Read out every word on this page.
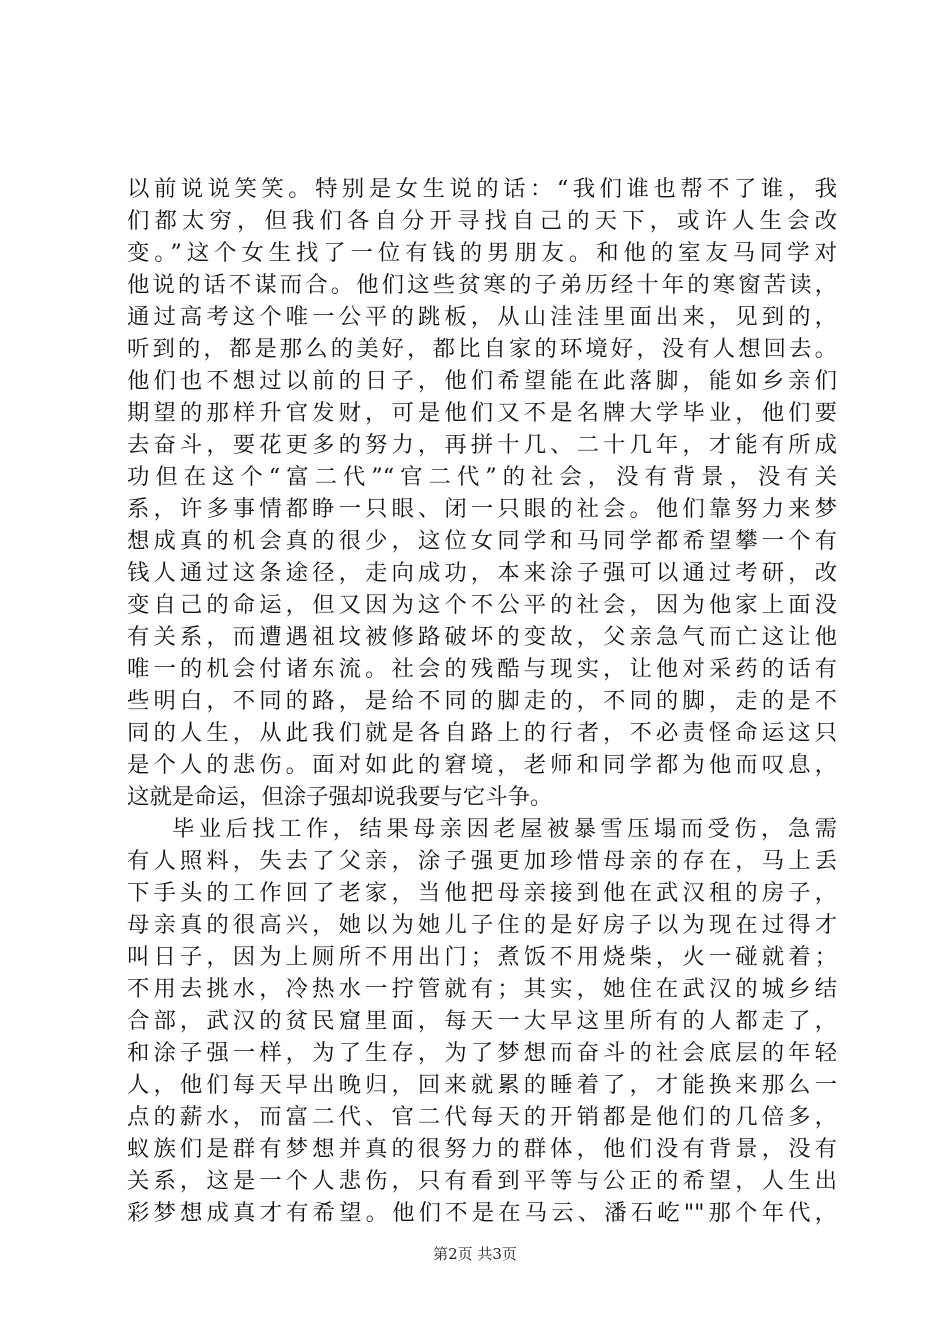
以前说说笑笑。特别是女生说的话：“我们谁也帮不了谁，我
们都太穷，但我们各自分开寻找自己的天下，或许人生会改
变。”这个女生找了一位有钱的男朋友。和他的室友马同学对
他说的话不谋而合。他们这些贫寒的子弟历经十年的寒窗苦读，
通过高考这个唯一公平的跳板，从山洼洼里面出来，见到的，
听到的，都是那么的美好，都比自家的环境好，没有人想回去。
他们也不想过以前的日子，他们希望能在此落脚，能如乡亲们
期望的那样升官发财，可是他们又不是名牌大学毕业，他们要
去奋斗，要花更多的努力，再拼十几、二十几年，才能有所成
功但在这个“富二代”“官二代”的社会，没有背景，没有关
系，许多事情都睁一只眼、闭一只眼的社会。他们靠努力来梦
想成真的机会真的很少，这位女同学和马同学都希望攀一个有
钱人通过这条途径，走向成功，本来涂子强可以通过考研，改
变自己的命运，但又因为这个不公平的社会，因为他家上面没
有关系，而遭遇祖坟被修路破坏的变故，父亲急气而亡这让他
唯一的机会付诸东流。社会的残酷与现实，让他对采药的话有
些明白，不同的路，是给不同的脚走的，不同的脚，走的是不
同的人生，从此我们就是各自路上的行者，不必责怪命运这只
是个人的悲伤。面对如此的窘境，老师和同学都为他而叹息，
这就是命运，但涂子强却说我要与它斗争。
毕业后找工作，结果母亲因老屋被暴雪压塌而受伤，急需
有人照料，失去了父亲，涂子强更加珍惜母亲的存在，马上丢
下手头的工作回了老家，当他把母亲接到他在武汉租的房子，
母亲真的很高兴，她以为她儿子住的是好房子以为现在过得才
叫日子，因为上厕所不用出门；煮饭不用烧柴，火一碰就着；
不用去挑水，冷热水一拧管就有；其实，她住在武汉的城乡结
合部，武汉的贫民窟里面，每天一大早这里所有的人都走了，
和涂子强一样，为了生存，为了梦想而奋斗的社会底层的年轻
人，他们每天早出晚归，回来就累的睡着了，才能换来那么一
点的薪水，而富二代、官二代每天的开销都是他们的几倍多，
蚁族们是群有梦想并真的很努力的群体，他们没有背景，没有
关系，这是一个人悲伤，只有看到平等与公正的希望，人生出
彩梦想成真才有希望。他们不是在马云、潘石屹""那个年代，
第2页 共3页
